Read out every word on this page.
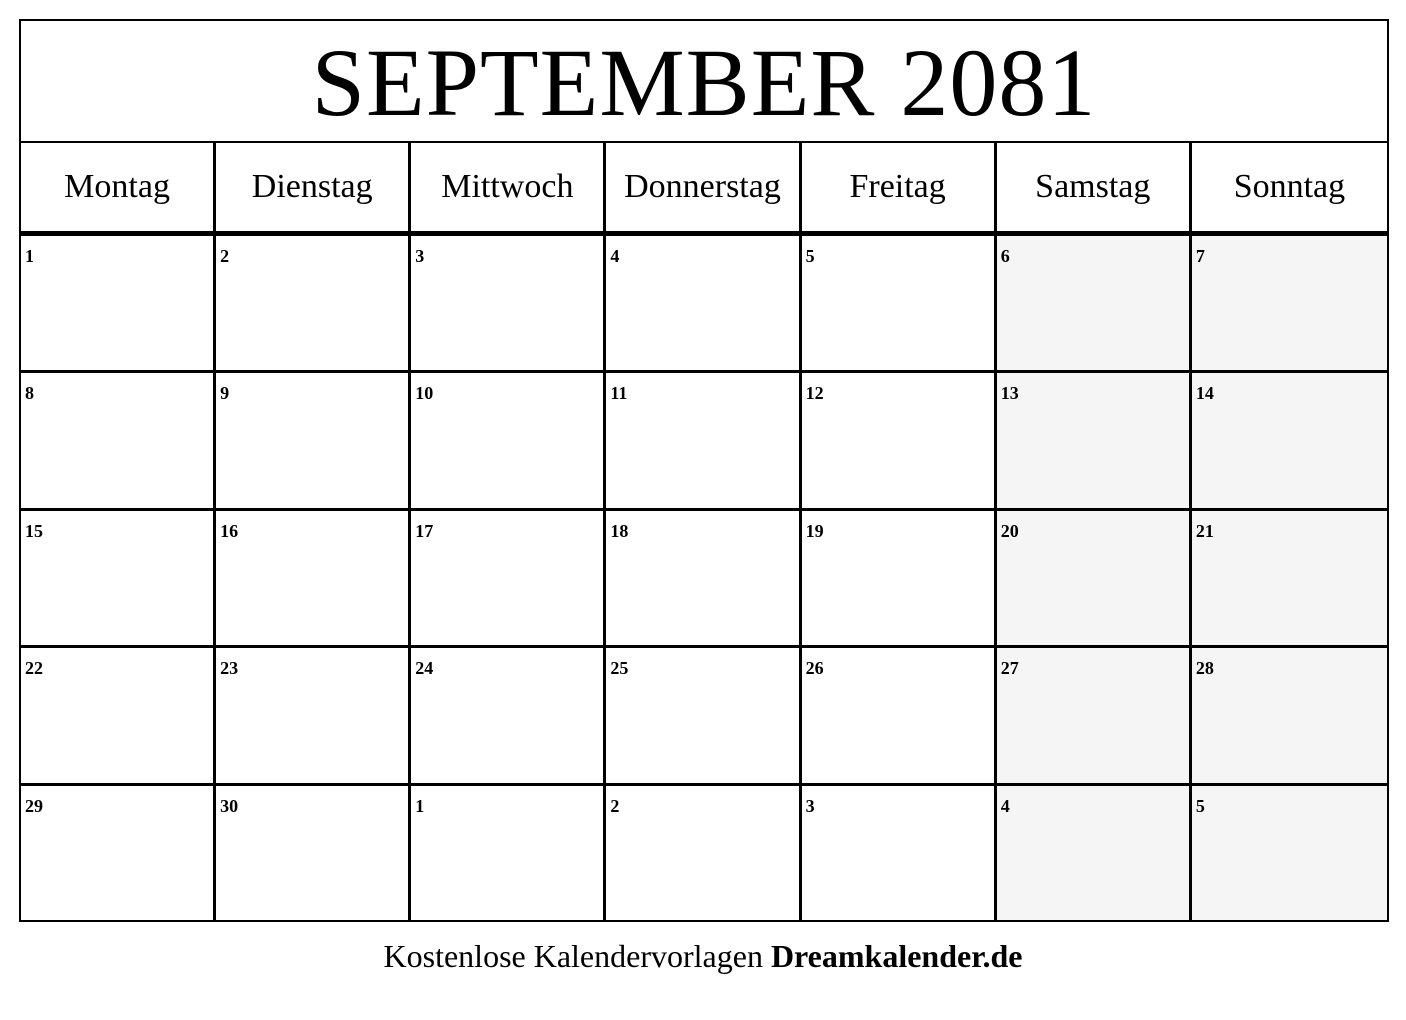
SEPTEMBER 2081
Montag	Dienstag	Mittwoch	Donnerstag	Freitag	Samstag	Sonntag
1	2	3	4	5	6	7
8	9	10	11	12	13	14
15	16	17	18	19	20	21
22	23	24	25	26	27	28
29	30	1	2	3	4	5
Kostenlose Kalendervorlagen Dreamkalender.de
